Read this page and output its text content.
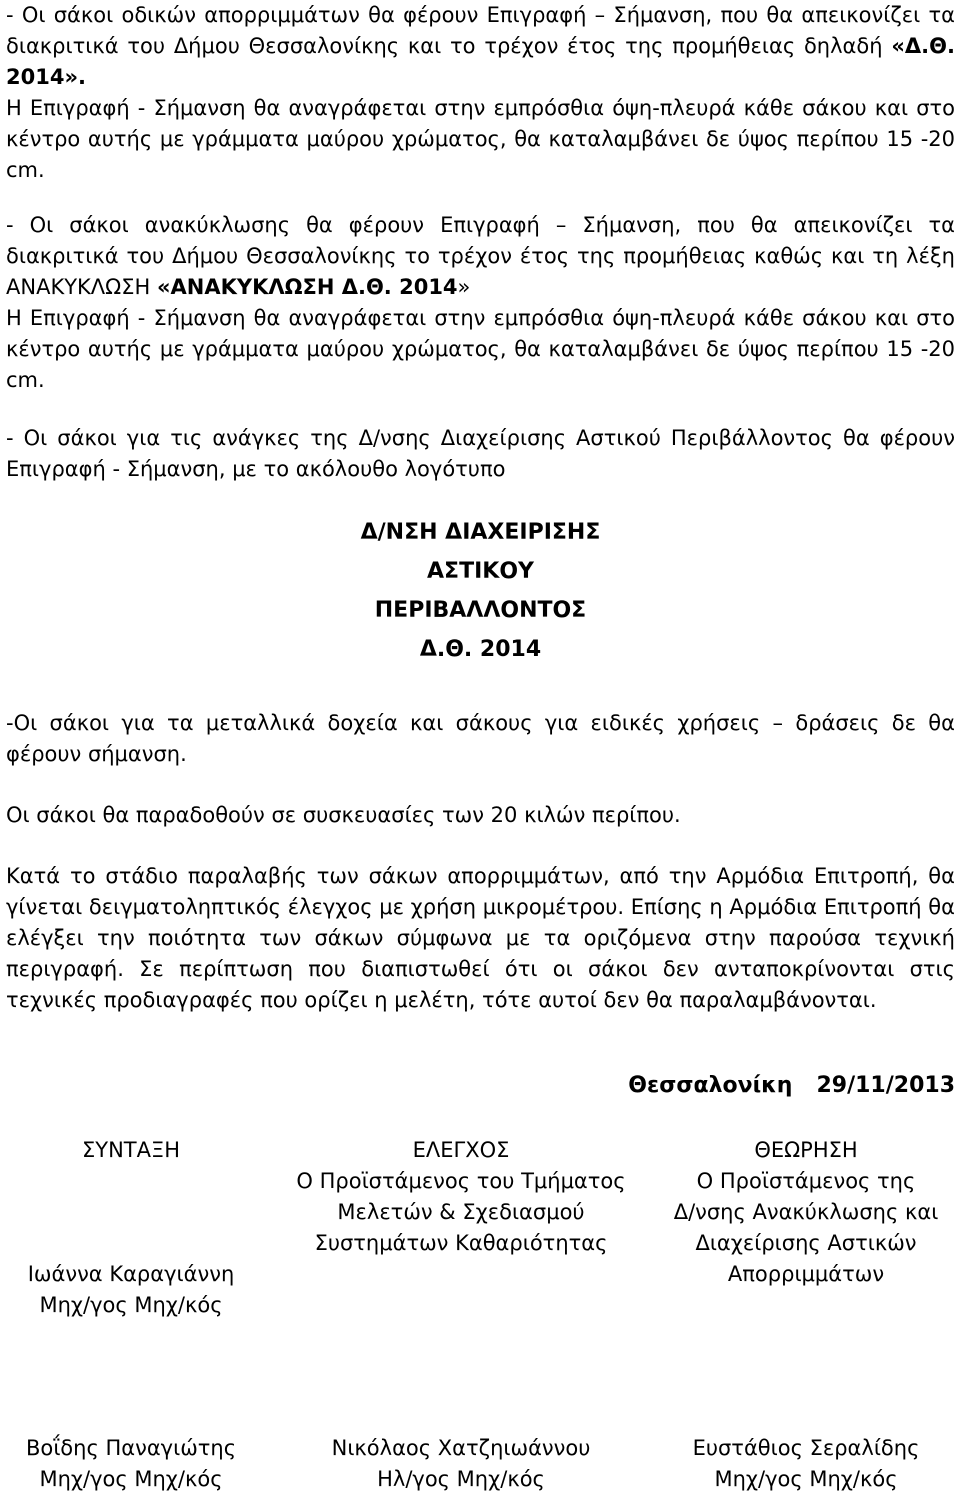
- Οι σάκοι οδικών απορριμμάτων θα φέρουν Επιγραφή – Σήμανση, που θα απεικονίζει τα διακριτικά του Δήμου Θεσσαλονίκης και το τρέχον έτος της προμήθειας δηλαδή «Δ.Θ. 2014».

Η Επιγραφή - Σήμανση θα αναγράφεται στην εμπρόσθια όψη-πλευρά κάθε σάκου και στο κέντρο αυτής με γράμματα μαύρου χρώματος, θα καταλαμβάνει δε ύψος περίπου 15 -20 cm.

- Οι σάκοι ανακύκλωσης θα φέρουν Επιγραφή – Σήμανση, που θα απεικονίζει τα διακριτικά του Δήμου Θεσσαλονίκης το τρέχον έτος της προμήθειας καθώς και τη λέξη ΑΝΑΚΥΚΛΩΣΗ «ΑΝΑΚΥΚΛΩΣΗ Δ.Θ. 2014»

Η Επιγραφή - Σήμανση θα αναγράφεται στην εμπρόσθια όψη-πλευρά κάθε σάκου και στο κέντρο αυτής με γράμματα μαύρου χρώματος, θα καταλαμβάνει δε ύψος περίπου 15 -20 cm.

- Οι σάκοι για τις ανάγκες της Δ/νσης Διαχείρισης Αστικού Περιβάλλοντος θα φέρουν Επιγραφή - Σήμανση, με το ακόλουθο λογότυπο

Δ/ΝΣΗ ΔΙΑΧΕΙΡΙΣΗΣ

ΑΣΤΙΚΟΥ

ΠΕΡΙΒΑΛΛΟΝΤΟΣ

Δ.Θ. 2014

-Οι σάκοι για τα μεταλλικά δοχεία και σάκους για ειδικές χρήσεις – δράσεις δε θα φέρουν σήμανση.

Οι σάκοι θα παραδοθούν σε συσκευασίες των 20 κιλών περίπου.

Κατά το στάδιο παραλαβής των σάκων απορριμμάτων, από την Αρμόδια Επιτροπή, θα γίνεται δειγματοληπτικός έλεγχος με χρήση μικρομέτρου. Επίσης η Αρμόδια Επιτροπή θα ελέγξει την ποιότητα των σάκων σύμφωνα με τα οριζόμενα στην παρούσα τεχνική περιγραφή. Σε περίπτωση που διαπιστωθεί ότι οι σάκοι δεν ανταποκρίνονται στις τεχνικές προδιαγραφές που ορίζει η μελέτη, τότε αυτοί δεν θα παραλαμβάνονται.

Θεσσαλονίκη 29/11/2013

ΣΥΝΤΑΞΗ

Ιωάννα Καραγιάννη

Μηχ/γος Μηχ/κός

ΕΛΕΓΧΟΣ

Ο Προϊστάμενος του Τμήματος

Μελετών & Σχεδιασμού

Συστημάτων Καθαριότητας

ΘΕΩΡΗΣΗ

Ο Προϊστάμενος της

Δ/νσης Ανακύκλωσης και

Διαχείρισης Αστικών

Απορριμμάτων

Βοΐδης Παναγιώτης

Μηχ/γος Μηχ/κός

Νικόλαος Χατζηιωάννου

Ηλ/γος Μηχ/κός

Ευστάθιος Σεραλίδης

Μηχ/γος Μηχ/κός
